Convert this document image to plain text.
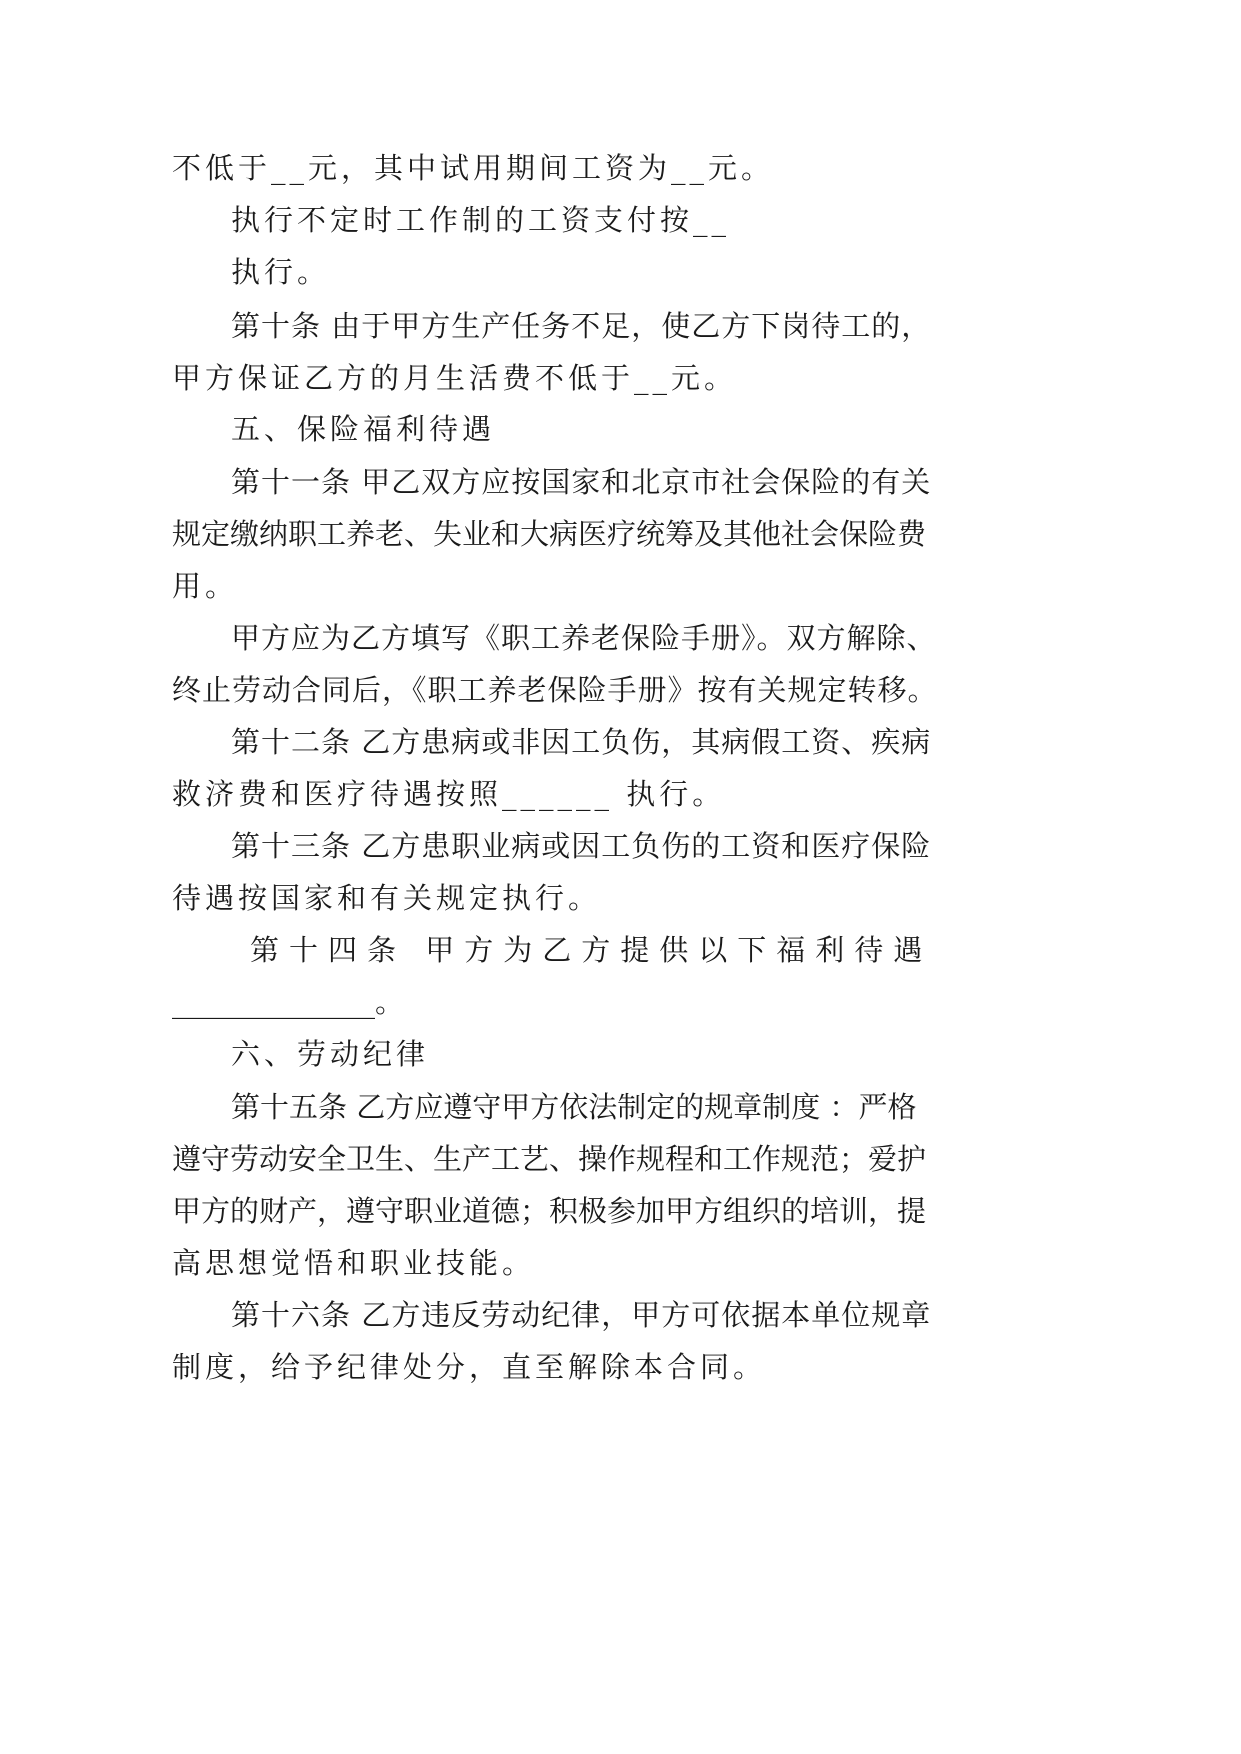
不低于__元，其中试用期间工资为__元。
执行不定时工作制的工资支付按__
执行。
第十条 由于甲方生产任务不足，使乙方下岗待工的，
甲方保证乙方的月生活费不低于__元。
五、保险福利待遇
第十一条 甲乙双方应按国家和北京市社会保险的有关
规定缴纳职工养老、失业和大病医疗统筹及其他社会保险费
用。
甲方应为乙方填写《职工养老保险手册》。双方解除、
终止劳动合同后，《职工养老保险手册》按有关规定转移。
第十二条 乙方患病或非因工负伤，其病假工资、疾病
救济费和医疗待遇按照______ 执行。
第十三条 乙方患职业病或因工负伤的工资和医疗保险
待遇按国家和有关规定执行。
第十四条 甲方为乙方提供以下福利待遇
______________。
六、劳动纪律
第十五条 乙方应遵守甲方依法制定的规章制度 ：严格
遵守劳动安全卫生、生产工艺、操作规程和工作规范；爱护
甲方的财产，遵守职业道德；积极参加甲方组织的培训，提
高思想觉悟和职业技能。
第十六条 乙方违反劳动纪律，甲方可依据本单位规章
制度，给予纪律处分，直至解除本合同。
